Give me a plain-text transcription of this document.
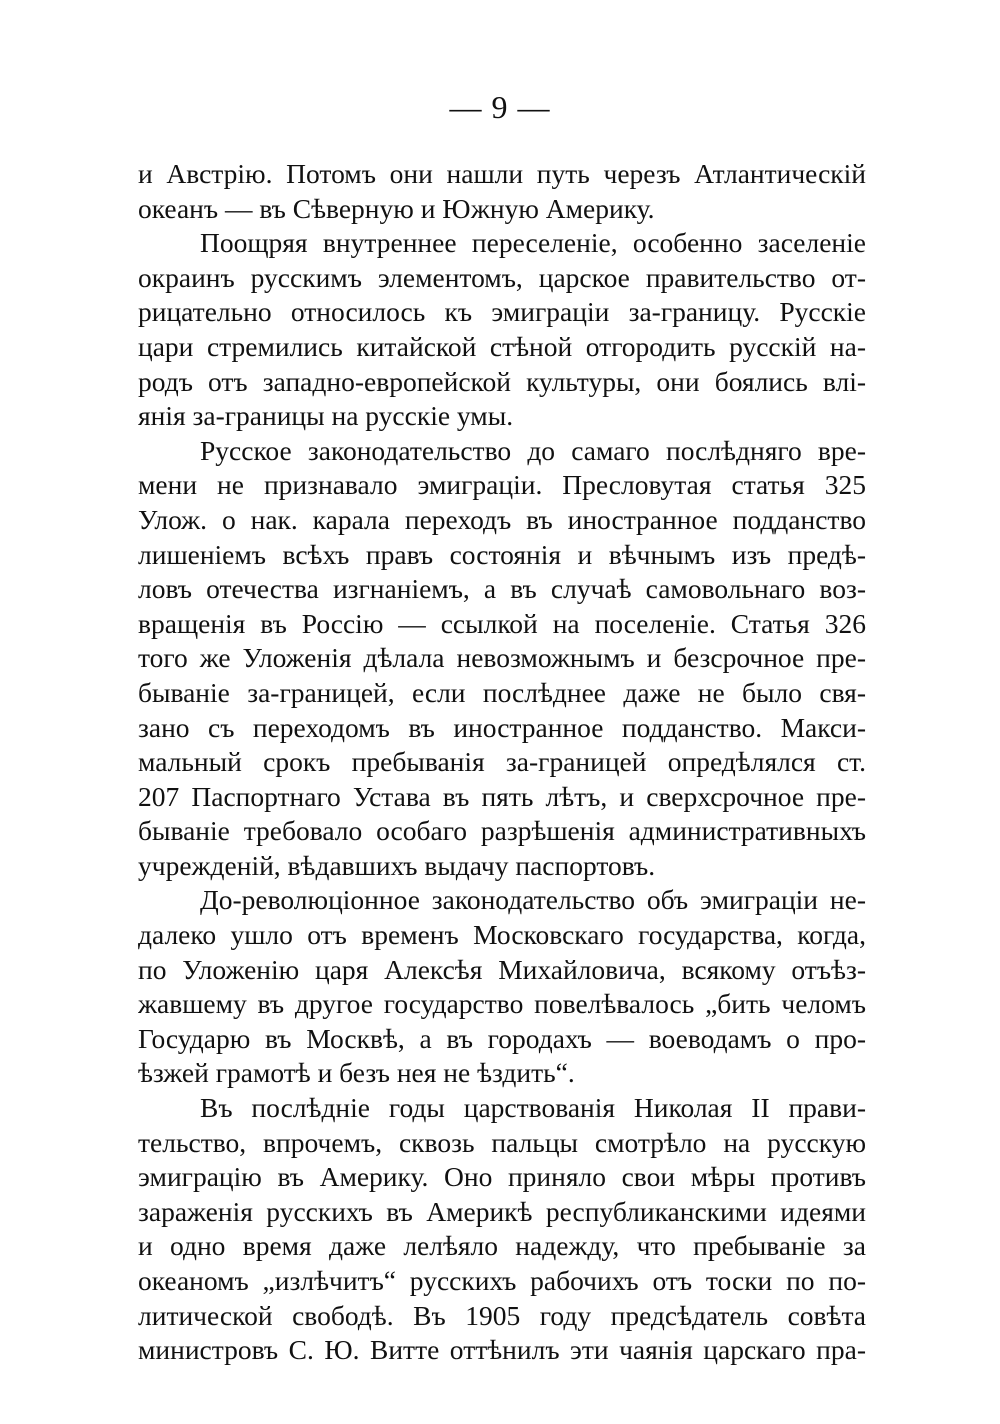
— 9 —
и Австрію. Потомъ они нашли путь черезъ Атлантическій
океанъ — въ Сѣверную и Южную Америку.
Поощряя внутреннее переселеніе, особенно заселеніе
окраинъ русскимъ элементомъ, царское правительство от-
рицательно относилось къ эмиграціи за-границу. Русскіе
цари стремились китайской стѣной отгородить русскій на-
родъ отъ западно-европейской культуры, они боялись влі-
янія за-границы на русскіе умы.
Русское законодательство до самаго послѣдняго вре-
мени не признавало эмиграціи. Пресловутая статья 325
Улож. о нак. карала переходъ въ иностранное подданство
лишеніемъ всѣхъ правъ состоянія и вѣчнымъ изъ предѣ-
ловъ отечества изгнаніемъ, а въ случаѣ самовольнаго воз-
вращенія въ Россію — ссылкой на поселеніе. Статья 326
того же Уложенія дѣлала невозможнымъ и безсрочное пре-
бываніе за-границей, если послѣднее даже не было свя-
зано съ переходомъ въ иностранное подданство. Макси-
мальный срокъ пребыванія за-границей опредѣлялся ст.
207 Паспортнаго Устава въ пять лѣтъ, и сверхсрочное пре-
бываніе требовало особаго разрѣшенія административныхъ
учрежденій, вѣдавшихъ выдачу паспортовъ.
До-революціонное законодательство объ эмиграціи не-
далеко ушло отъ временъ Московскаго государства, когда,
по Уложенію царя Алексѣя Михайловича, всякому отъѣз-
жавшему въ другое государство повелѣвалось „бить челомъ
Государю въ Москвѣ, а въ городахъ — воеводамъ о про-
ѣзжей грамотѣ и безъ нея не ѣздить“.
Въ послѣдніе годы царствованія Николая II прави-
тельство, впрочемъ, сквозь пальцы смотрѣло на русскую
эмиграцію въ Америку. Оно приняло свои мѣры противъ
зараженія русскихъ въ Америкѣ республиканскими идеями
и одно время даже лелѣяло надежду, что пребываніе за
океаномъ „излѣчитъ“ русскихъ рабочихъ отъ тоски по по-
литической свободѣ. Въ 1905 году предсѣдатель совѣта
министровъ С. Ю. Витте оттѣнилъ эти чаянія царскаго пра-
